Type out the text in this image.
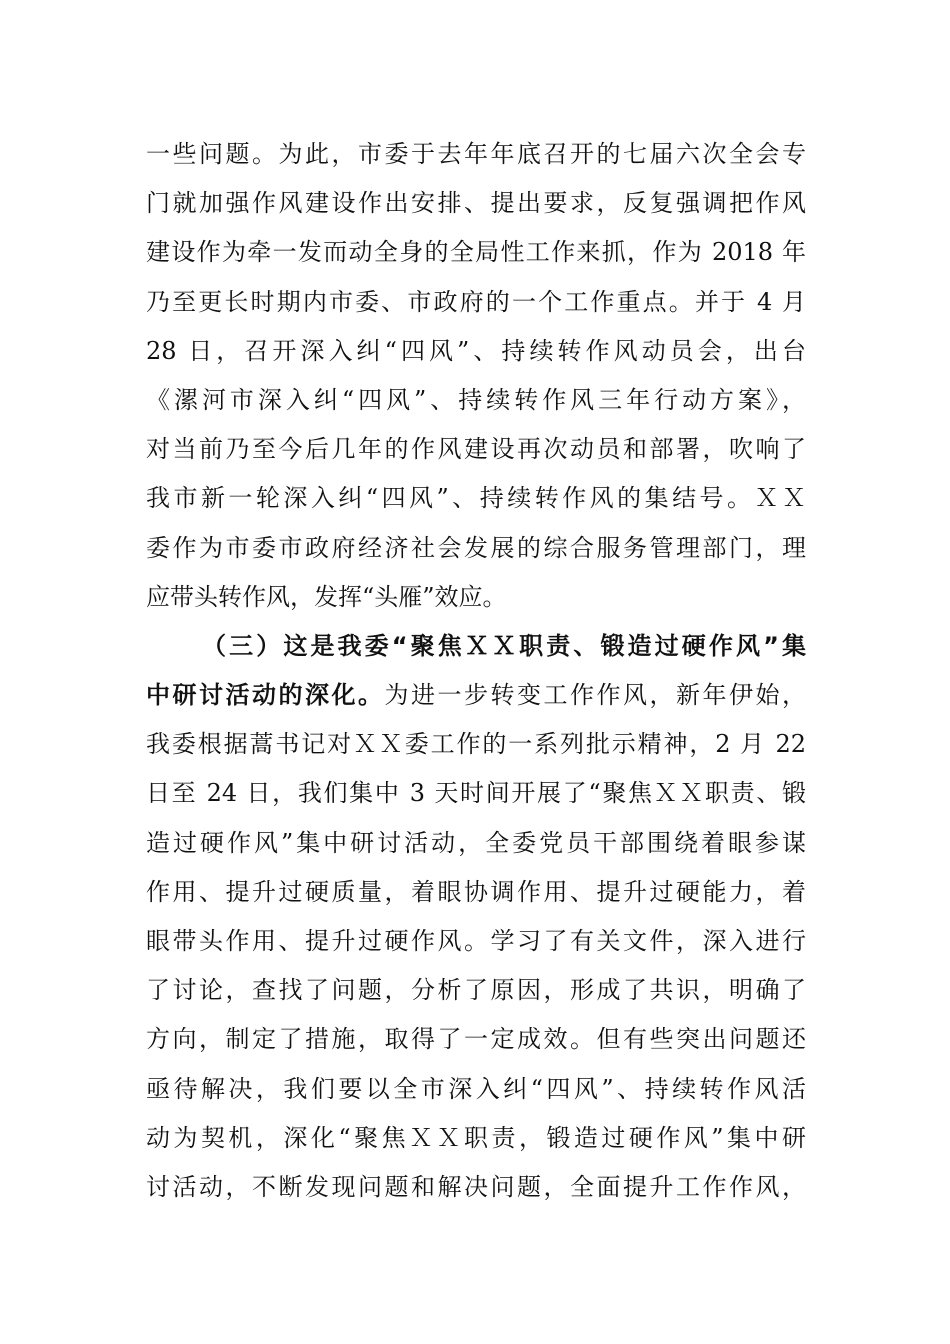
一些问题。为此，市委于去年年底召开的七届六次全会专
门就加强作风建设作出安排、提出要求，反复强调把作风
建设作为牵一发而动全身的全局性工作来抓，作为 2018 年
乃至更长时期内市委、市政府的一个工作重点。并于 4 月
28 日，召开深入纠“四风”、持续转作风动员会，出台
《漯河市深入纠“四风”、持续转作风三年行动方案》，
对当前乃至今后几年的作风建设再次动员和部署，吹响了
我市新一轮深入纠“四风”、持续转作风的集结号。ＸＸ
委作为市委市政府经济社会发展的综合服务管理部门，理
应带头转作风，发挥“头雁”效应。
（三）这是我委“聚焦ＸＸ职责、锻造过硬作风”集
中研讨活动的深化。为进一步转变工作作风，新年伊始，
我委根据蒿书记对ＸＸ委工作的一系列批示精神，2 月 22
日至 24 日，我们集中 3 天时间开展了“聚焦ＸＸ职责、锻
造过硬作风”集中研讨活动，全委党员干部围绕着眼参谋
作用、提升过硬质量，着眼协调作用、提升过硬能力，着
眼带头作用、提升过硬作风。学习了有关文件，深入进行
了讨论，查找了问题，分析了原因，形成了共识，明确了
方向，制定了措施，取得了一定成效。但有些突出问题还
亟待解决，我们要以全市深入纠“四风”、持续转作风活
动为契机，深化“聚焦ＸＸ职责，锻造过硬作风”集中研
讨活动，不断发现问题和解决问题，全面提升工作作风，
